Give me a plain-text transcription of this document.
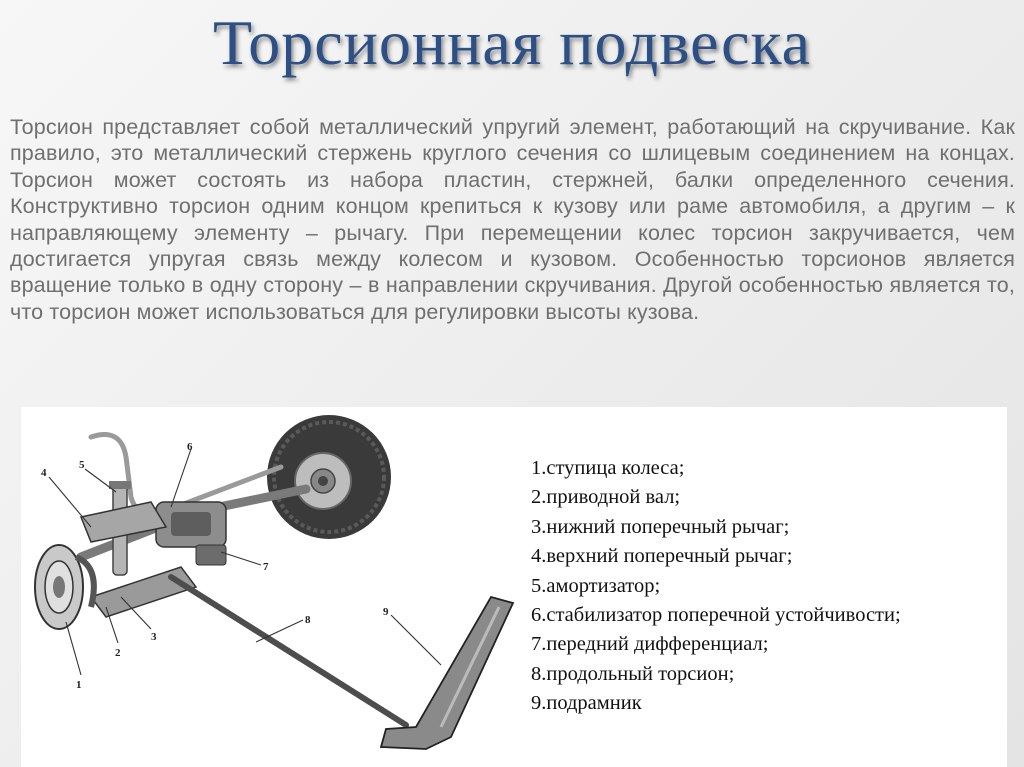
Торсионная подвеска

Торсион представляет собой металлический упругий элемент, работающий на скручивание. Как правило, это металлический стержень круглого сечения со шлицевым соединением на концах. Торсион может состоять из набора пластин, стержней, балки определенного сечения. Конструктивно торсион одним концом крепиться к кузову или раме автомобиля, а другим – к направляющему элементу – рычагу. При перемещении колес торсион закручивается, чем достигается упругая связь между колесом и кузовом. Особенностью торсионов является вращение только в одну сторону – в направлении скручивания. Другой особенностью является то, что торсион может использоваться для регулировки высоты кузова.

1
2
3
4
5
6
7
8
9
1.ступица колеса;
2.приводной вал;
3.нижний поперечный рычаг;
4.верхний поперечный рычаг;
5.амортизатор;
6.стабилизатор поперечной устойчивости;
7.передний дифференциал;
8.продольный торсион;
9.подрамник
